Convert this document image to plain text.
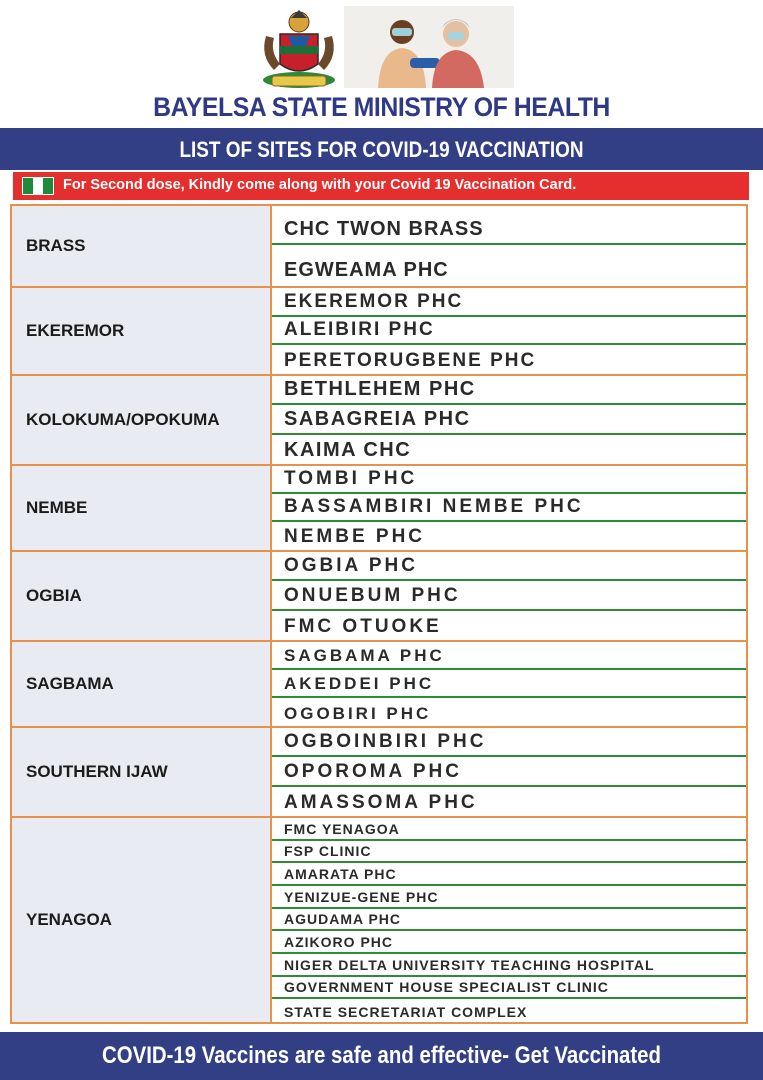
BAYELSA STATE MINISTRY OF HEALTH
LIST OF SITES FOR COVID-19 VACCINATION
For Second dose, Kindly come along with your Covid 19 Vaccination Card.
BRASS
CHC TWON BRASS
EGWEAMA PHC
EKEREMOR
EKEREMOR PHC
ALEIBIRI PHC
PERETORUGBENE PHC
KOLOKUMA/OPOKUMA
BETHLEHEM PHC
SABAGREIA PHC
KAIMA CHC
NEMBE
TOMBI PHC
BASSAMBIRI NEMBE PHC
NEMBE PHC
OGBIA
OGBIA PHC
ONUEBUM PHC
FMC OTUOKE
SAGBAMA
SAGBAMA PHC
AKEDDEI PHC
OGOBIRI PHC
SOUTHERN IJAW
OGBOINBIRI PHC
OPOROMA PHC
AMASSOMA PHC
YENAGOA
FMC YENAGOA
FSP CLINIC
AMARATA PHC
YENIZUE-GENE PHC
AGUDAMA PHC
AZIKORO PHC
NIGER DELTA UNIVERSITY TEACHING HOSPITAL
GOVERNMENT HOUSE SPECIALIST CLINIC
STATE SECRETARIAT COMPLEX
COVID-19 Vaccines are safe and effective- Get Vaccinated
